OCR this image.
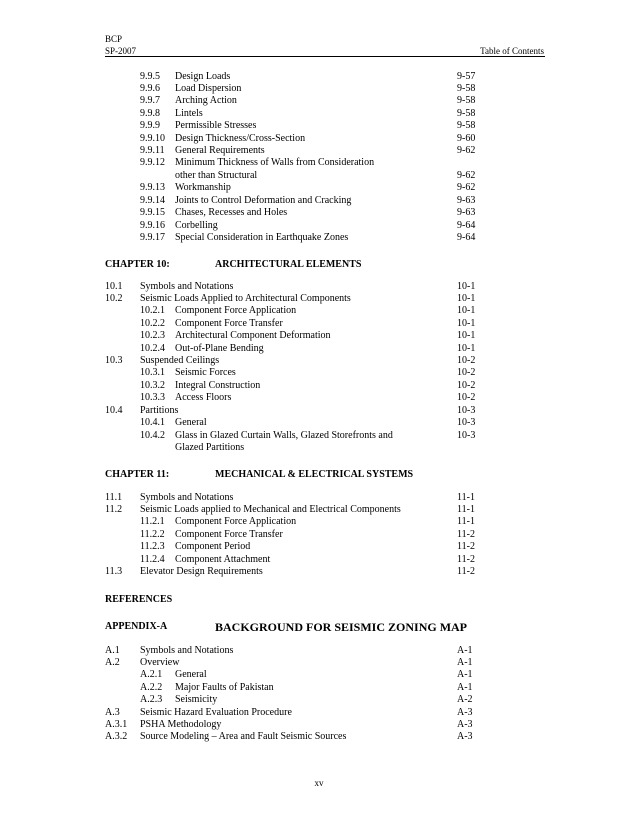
BCP
SP-2007	Table of Contents
9.9.5 Design Loads	9-57
9.9.6 Load Dispersion	9-58
9.9.7 Arching Action	9-58
9.9.8 Lintels	9-58
9.9.9 Permissible Stresses	9-58
9.9.10 Design Thickness/Cross-Section	9-60
9.9.11 General Requirements	9-62
9.9.12 Minimum Thickness of Walls from Consideration
other than Structural	9-62
9.9.13 Workmanship	9-62
9.9.14 Joints to Control Deformation and Cracking	9-63
9.9.15 Chases, Recesses and Holes	9-63
9.9.16 Corbelling	9-64
9.9.17 Special Consideration in Earthquake Zones	9-64
CHAPTER 10:	ARCHITECTURAL ELEMENTS
10.1 Symbols and Notations	10-1
10.2 Seismic Loads Applied to Architectural Components	10-1
10.2.1 Component Force Application	10-1
10.2.2 Component Force Transfer	10-1
10.2.3 Architectural Component Deformation	10-1
10.2.4 Out-of-Plane Bending	10-1
10.3 Suspended Ceilings	10-2
10.3.1 Seismic Forces	10-2
10.3.2 Integral Construction	10-2
10.3.3 Access Floors	10-2
10.4 Partitions	10-3
10.4.1 General	10-3
10.4.2 Glass in Glazed Curtain Walls, Glazed Storefronts and	10-3
Glazed Partitions
CHAPTER 11:	MECHANICAL & ELECTRICAL SYSTEMS
11.1 Symbols and Notations	11-1
11.2 Seismic Loads applied to Mechanical and Electrical Components	11-1
11.2.1 Component Force Application	11-1
11.2.2 Component Force Transfer	11-2
11.2.3 Component Period	11-2
11.2.4 Component Attachment	11-2
11.3 Elevator Design Requirements	11-2
REFERENCES
APPENDIX-A	BACKGROUND FOR SEISMIC ZONING MAP
A.1 Symbols and Notations	A-1
A.2 Overview	A-1
A.2.1 General	A-1
A.2.2 Major Faults of Pakistan	A-1
A.2.3 Seismicity	A-2
A.3 Seismic Hazard Evaluation Procedure	A-3
A.3.1 PSHA Methodology	A-3
A.3.2 Source Modeling – Area and Fault Seismic Sources	A-3
xv
